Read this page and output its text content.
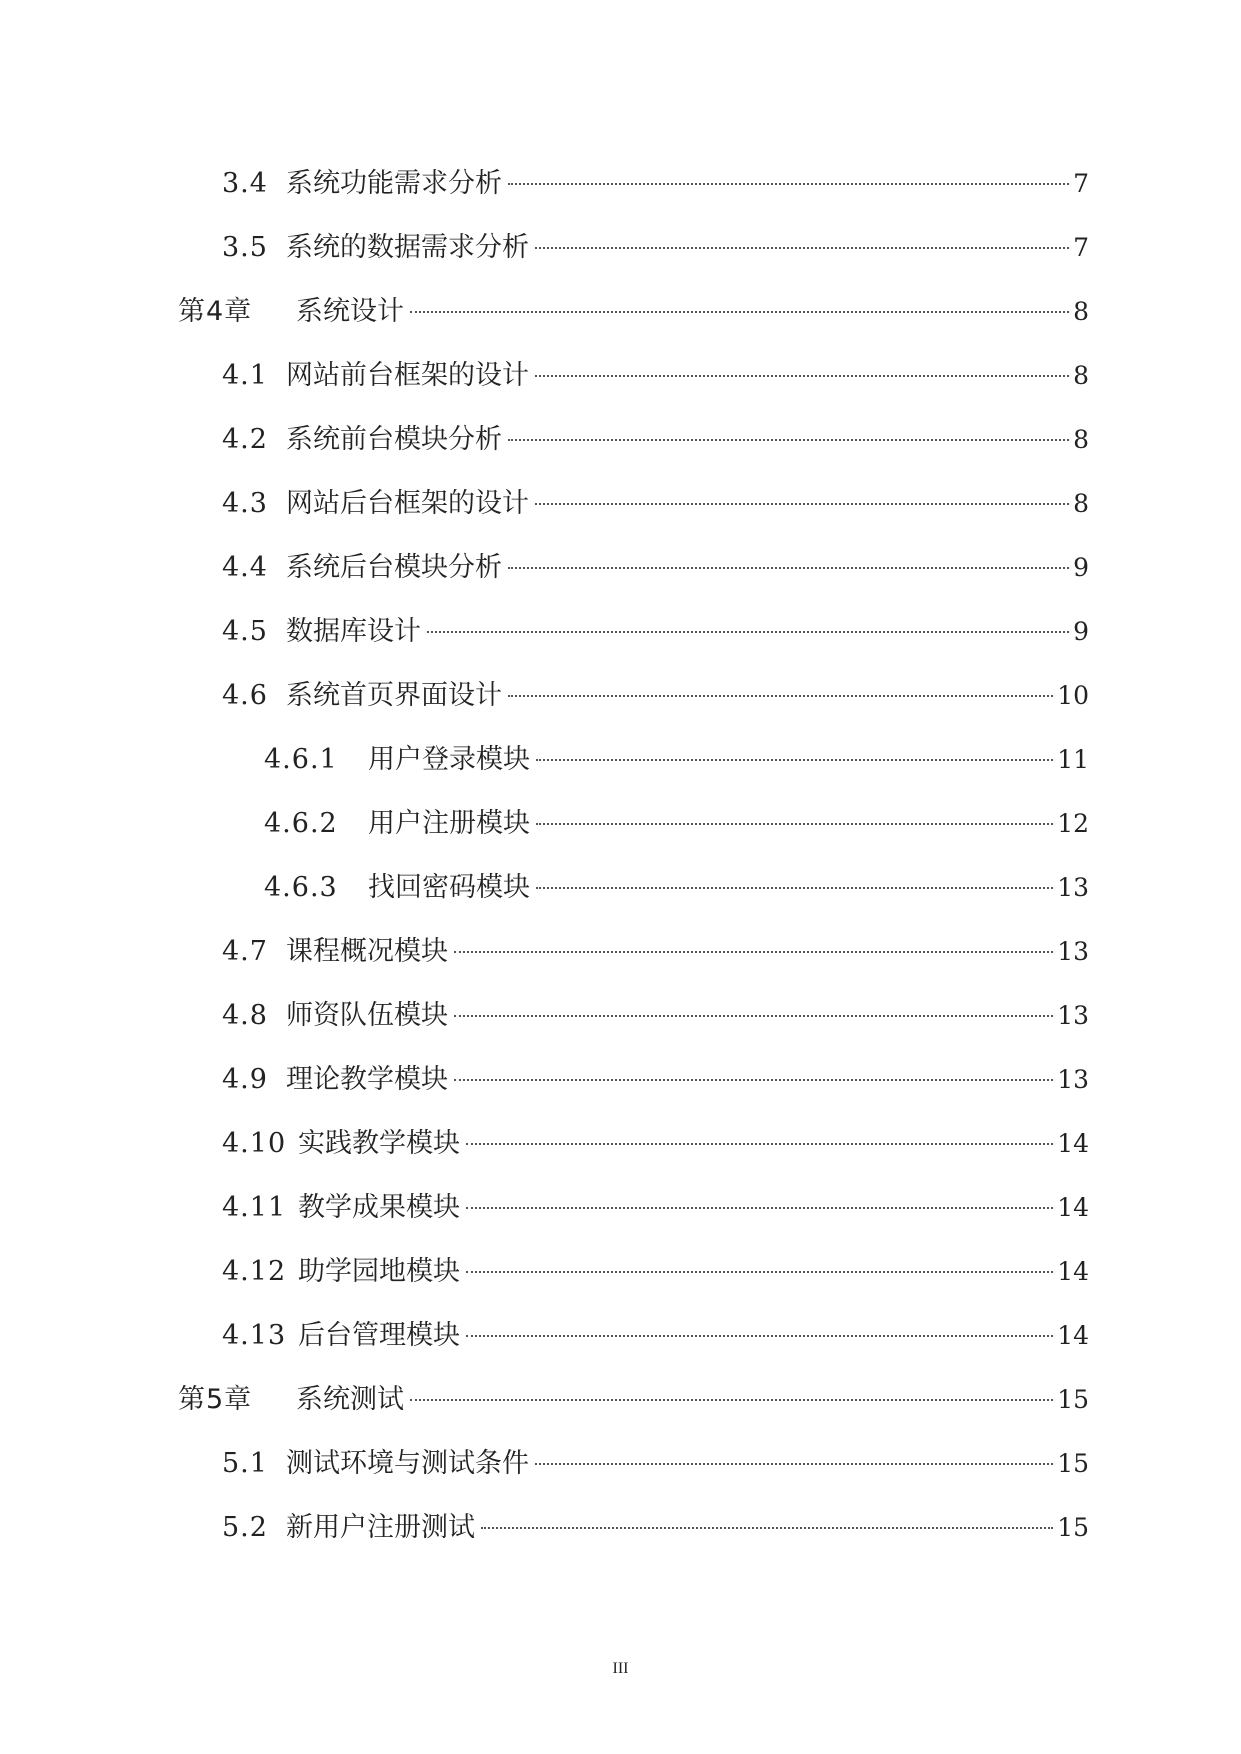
3.4 系统功能需求分析	7
3.5 系统的数据需求分析	7
第4章	系统设计	8
4.1 网站前台框架的设计	8
4.2 系统前台模块分析	8
4.3 网站后台框架的设计	8
4.4 系统后台模块分析	9
4.5 数据库设计	9
4.6 系统首页界面设计	10
4.6.1	用户登录模块	11
4.6.2	用户注册模块	12
4.6.3	找回密码模块	13
4.7 课程概况模块	13
4.8 师资队伍模块	13
4.9 理论教学模块	13
4.10 实践教学模块	14
4.11 教学成果模块	14
4.12 助学园地模块	14
4.13 后台管理模块	14
第5章	系统测试	15
5.1 测试环境与测试条件	15
5.2 新用户注册测试	15
III
